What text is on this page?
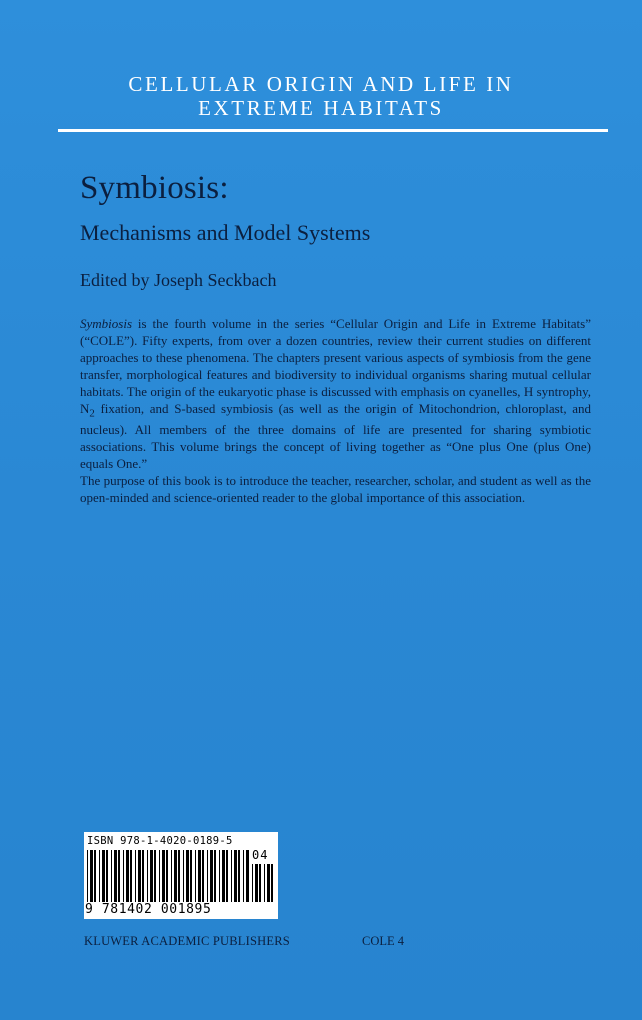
CELLULAR ORIGIN AND LIFE IN
EXTREME HABITATS
Symbiosis:
Mechanisms and Model Systems
Edited by Joseph Seckbach

Symbiosis is the fourth volume in the series “Cellular Origin and Life in Extreme Habitats” (“COLE”). Fifty experts, from over a dozen countries, review their current studies on different approaches to these phenomena. The chapters present various aspects of symbiosis from the gene transfer, morphological features and biodiversity to individual organisms sharing mutual cellular habitats. The origin of the eukaryotic phase is discussed with emphasis on cyanelles, H syntrophy, $N_2$ fixation, and S-based symbiosis (as well as the origin of Mitochondrion, chloroplast, and nucleus). All members of the three domains of life are presented for sharing symbiotic associations. This volume brings the concept of living together as “One plus One (plus One) equals One.”

The purpose of this book is to introduce the teacher, researcher, scholar, and student as well as the open-minded and science-oriented reader to the global importance of this association.

ISBN 978-1-4020-0189-5
04
9 781402 001895
KLUWER ACADEMIC PUBLISHERS	COLE 4
